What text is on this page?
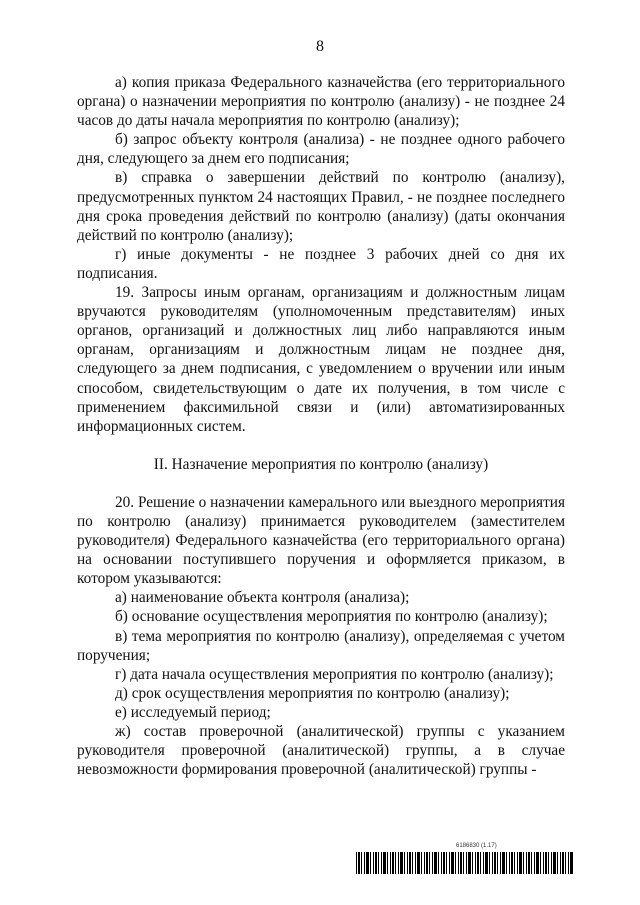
8

а) копия приказа Федерального казначейства (его территориального органа) о назначении мероприятия по контролю (анализу) - не позднее 24 часов до даты начала мероприятия по контролю (анализу);

б) запрос объекту контроля (анализа) - не позднее одного рабочего дня, следующего за днем его подписания;

в) справка о завершении действий по контролю (анализу), предусмотренных пунктом 24 настоящих Правил, - не позднее последнего дня срока проведения действий по контролю (анализу) (даты окончания действий по контролю (анализу);

г) иные документы - не позднее 3 рабочих дней со дня их подписания.

19. Запросы иным органам, организациям и должностным лицам вручаются руководителям (уполномоченным представителям) иных органов, организаций и должностных лиц либо направляются иным органам, организациям и должностным лицам не позднее дня, следующего за днем подписания, с уведомлением о вручении или иным способом, свидетельствующим о дате их получения, в том числе с применением факсимильной связи и (или) автоматизированных информационных систем.

II. Назначение мероприятия по контролю (анализу)

20. Решение о назначении камерального или выездного мероприятия по контролю (анализу) принимается руководителем (заместителем руководителя) Федерального казначейства (его территориального органа) на основании поступившего поручения и оформляется приказом, в котором указываются:

а) наименование объекта контроля (анализа);

б) основание осуществления мероприятия по контролю (анализу);

в) тема мероприятия по контролю (анализу), определяемая с учетом поручения;

г) дата начала осуществления мероприятия по контролю (анализу);

д) срок осуществления мероприятия по контролю (анализу);

е) исследуемый период;

ж) состав проверочной (аналитической) группы с указанием руководителя проверочной (аналитической) группы, а в случае невозможности формирования проверочной (аналитической) группы -

6186830 (1.17)
